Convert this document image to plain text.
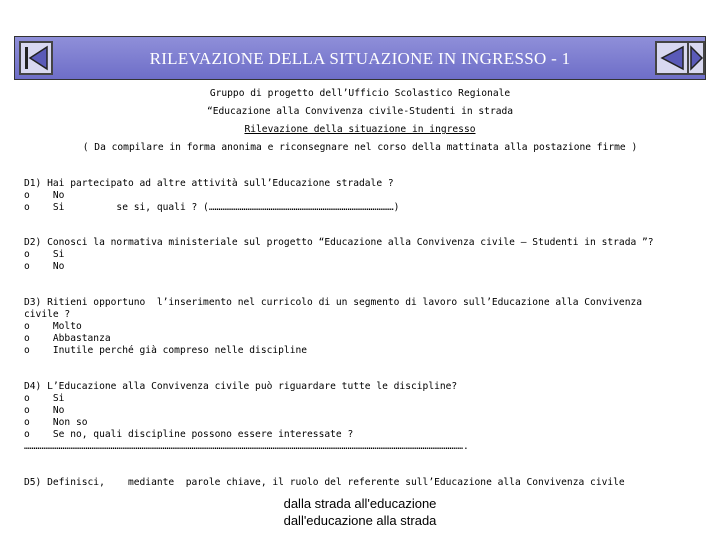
Gruppo di progetto dell’Ufficio Scolastico Regionale
“Educazione alla Convivenza civile-Studenti in strada
Rilevazione della situazione in ingresso
( Da compilare in forma anonima e riconsegnare nel corso della mattinata alla postazione firme )
D1) Hai partecipato ad altre attività sull’Educazione stradale ?
o    No
o    Si         se si, quali ? (……………………………………………………………………………………)
D2) Conosci la normativa ministeriale sul progetto “Educazione alla Convivenza civile – Studenti in strada ”?
o    Si
o    No
D3) Ritieni opportuno  l’inserimento nel curricolo di un segmento di lavoro sull’Educazione alla Convivenza
civile ?
o    Molto
o    Abbastanza
o    Inutile perché già compreso nelle discipline
D4) L’Educazione alla Convivenza civile può riguardare tutte le discipline?
o    Si
o    No
o    Non so
o    Se no, quali discipline possono essere interessate ?
………………………………………………………………………………………………………………………………………………………………………………………………………….
D5) Definisci,    mediante  parole chiave, il ruolo del referente sull’Educazione alla Convivenza civile
dalla strada all'educazione
dall'educazione alla strada
RILEVAZIONE DELLA SITUAZIONE IN INGRESSO - 1
